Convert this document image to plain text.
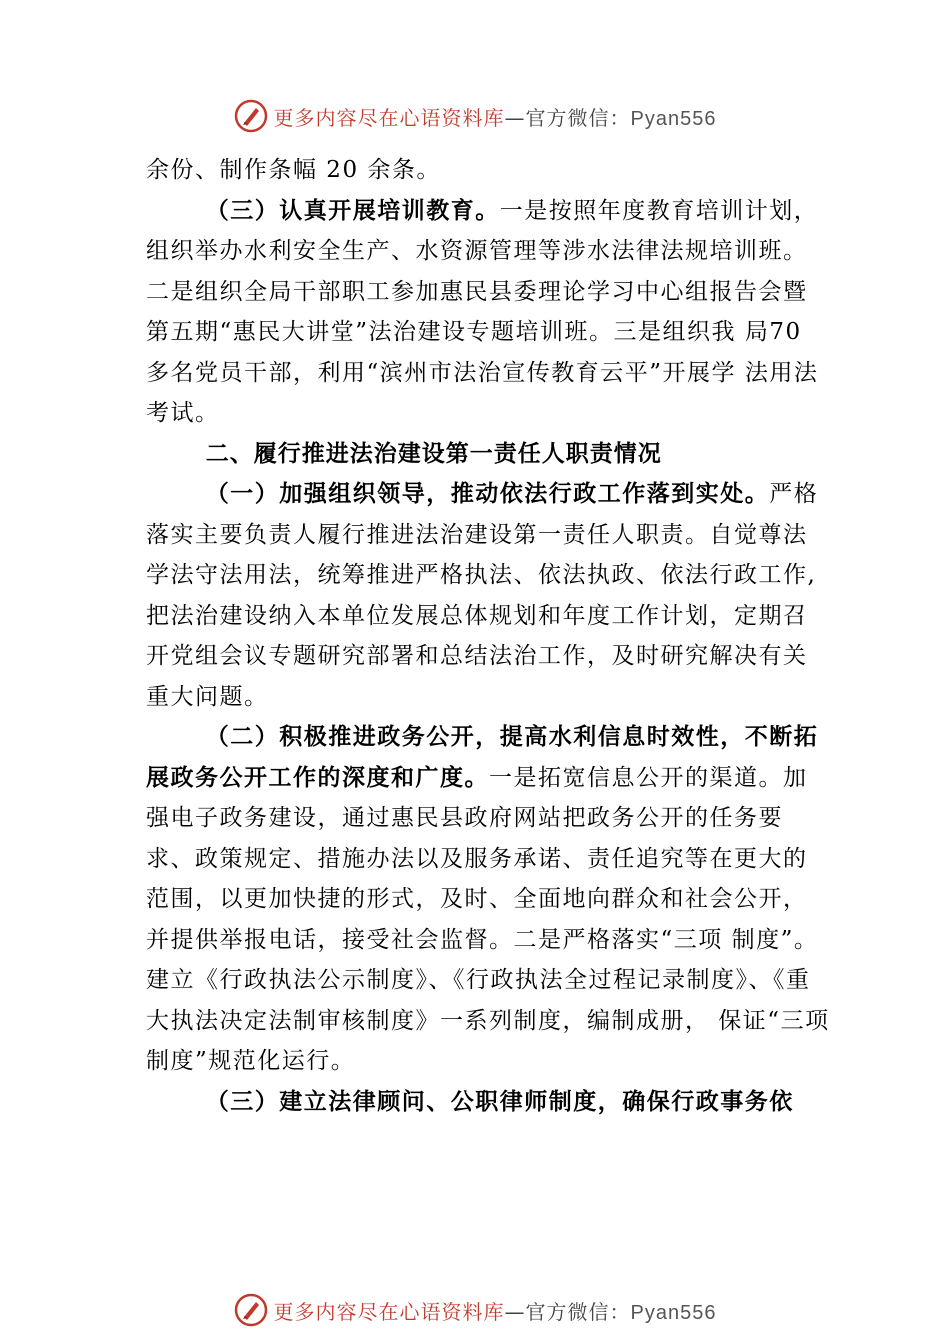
更多内容尽在心语资料库—官方微信：Pyan556

余份、制作条幅 20 余条。

（三）认真开展培训教育。一是按照年度教育培训计划，组织举办水利安全生产、水资源管理等涉水法律法规培训班。二是组织全局干部职工参加惠民县委理论学习中心组报告会暨第五期“惠民大讲堂”法治建设专题培训班。三是组织我 局70 多名党员干部，利用“滨州市法治宣传教育云平”开展学 法用法考试。

二、履行推进法治建设第一责任人职责情况

（一）加强组织领导，推动依法行政工作落到实处。严格落实主要负责人履行推进法治建设第一责任人职责。自觉尊法学法守法用法，统筹推进严格执法、依法执政、依法行政工作,把法治建设纳入本单位发展总体规划和年度工作计划，定期召开党组会议专题研究部署和总结法治工作，及时研究解决有关重大问题。

（二）积极推进政务公开，提高水利信息时效性，不断拓展政务公开工作的深度和广度。一是拓宽信息公开的渠道。加强电子政务建设，通过惠民县政府网站把政务公开的任务要求、政策规定、措施办法以及服务承诺、责任追究等在更大的范围，以更加快捷的形式，及时、全面地向群众和社会公开，并提供举报电话，接受社会监督。二是严格落实“三项 制度”。建立《行政执法公示制度》、《行政执法全过程记录制度》、《重大执法决定法制审核制度》一系列制度，编制成册， 保证“三项制度”规范化运行。

（三）建立法律顾问、公职律师制度，确保行政事务依

更多内容尽在心语资料库—官方微信：Pyan556
